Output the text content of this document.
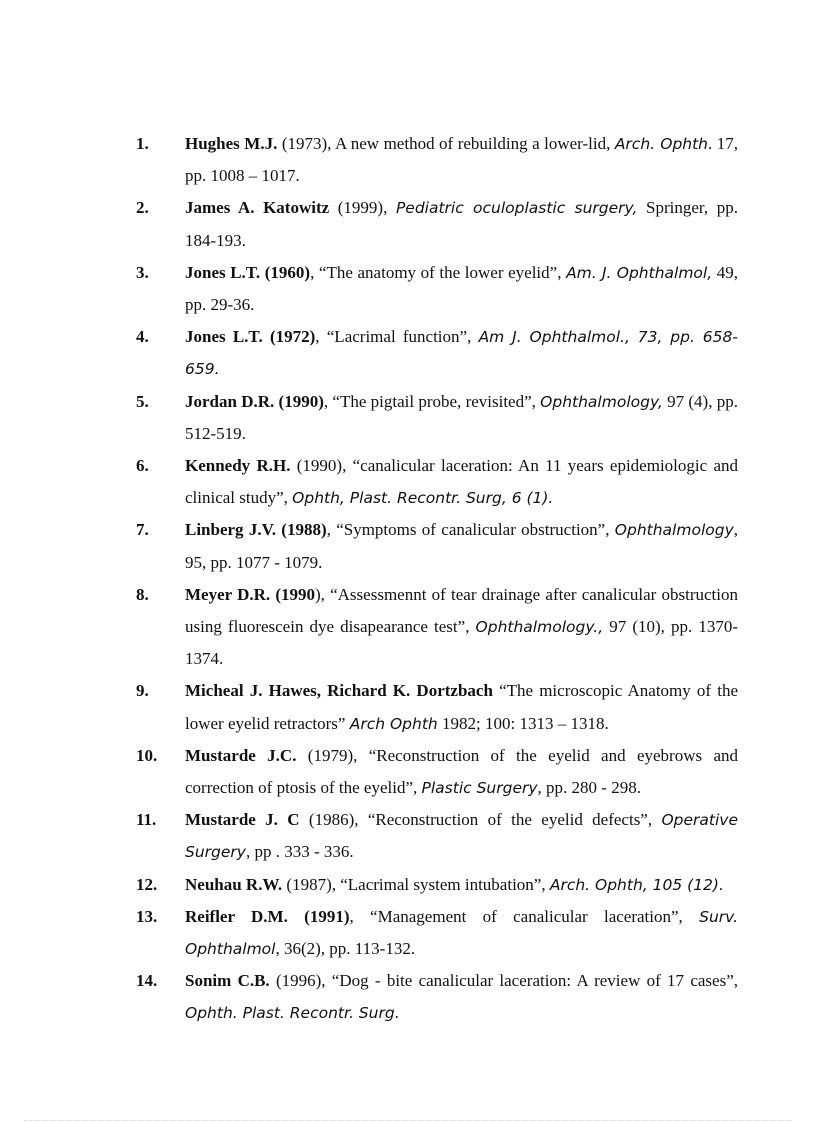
1. Hughes M.J. (1973), A new method of rebuilding a lower-lid, Arch. Ophth. 17, pp. 1008 – 1017.
2. James A. Katowitz (1999), Pediatric oculoplastic surgery, Springer, pp. 184-193.
3. Jones L.T. (1960), “The anatomy of the lower eyelid”, Am. J. Ophthalmol, 49, pp. 29-36.
4. Jones L.T. (1972), “Lacrimal function”, Am J. Ophthalmol., 73, pp. 658-659.
5. Jordan D.R. (1990), “The pigtail probe, revisited”, Ophthalmology, 97 (4), pp. 512-519.
6. Kennedy R.H. (1990), “canalicular laceration: An 11 years epidemiologic and clinical study”, Ophth, Plast. Recontr. Surg, 6 (1).
7. Linberg J.V. (1988), “Symptoms of canalicular obstruction”, Ophthalmology, 95, pp. 1077 - 1079.
8. Meyer D.R. (1990), “Assessmennt of tear drainage after canalicular obstruction using fluorescein dye disapearance test”, Ophthalmology., 97 (10), pp. 1370-1374.
9. Micheal J. Hawes, Richard K. Dortzbach “The microscopic Anatomy of the lower eyelid retractors” Arch Ophth 1982; 100: 1313 – 1318.
10. Mustarde J.C. (1979), “Reconstruction of the eyelid and eyebrows and correction of ptosis of the eyelid”, Plastic Surgery, pp. 280 - 298.
11. Mustarde J. C (1986), “Reconstruction of the eyelid defects”, Operative Surgery, pp . 333 - 336.
12. Neuhau R.W. (1987), “Lacrimal system intubation”, Arch. Ophth, 105 (12).
13. Reifler D.M. (1991), “Management of canalicular laceration”, Surv. Ophthalmol, 36(2), pp. 113-132.
14. Sonim C.B. (1996), “Dog - bite canalicular laceration: A review of 17 cases”, Ophth. Plast. Recontr. Surg.
